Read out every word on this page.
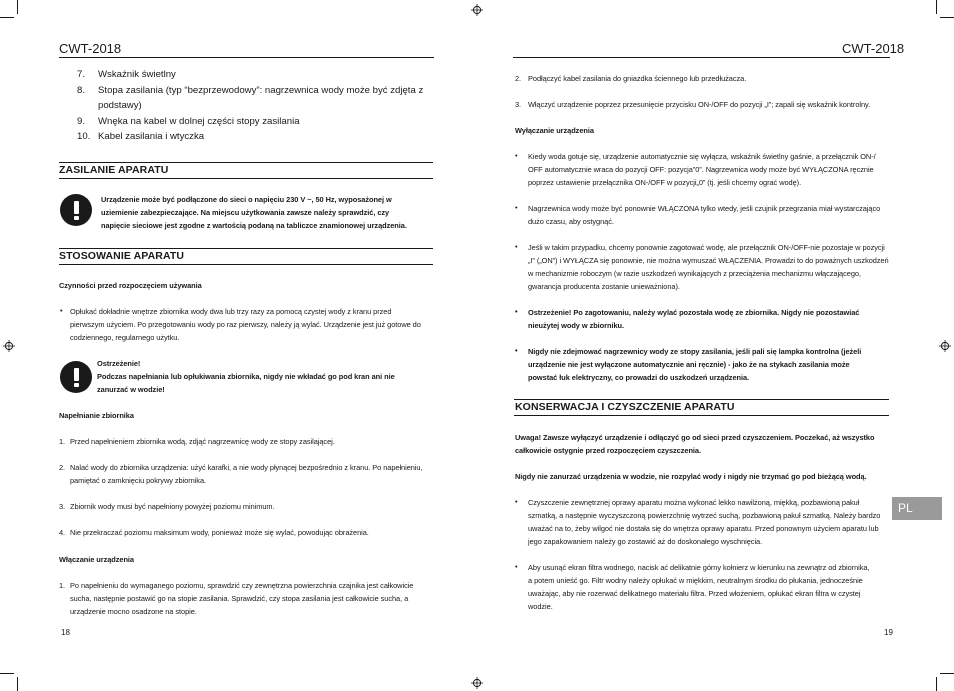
CWT-2018
7. Wskaźnik świetlny
8. Stopa zasilania (typ “bezprzewodowy”: nagrzewnica wody może być zdjęta z
podstawy)
9. Wnęka na kabel w dolnej części stopy zasilania
10. Kabel zasilania i wtyczka
ZASILANIE APARATU
Urządzenie może być podłączone do sieci o napięciu 230 V ~, 50 Hz, wyposażonej w
uziemienie zabezpieczające. Na miejscu użytkowania zawsze należy sprawdzić, czy
napięcie sieciowe jest zgodne z wartością podaną na tabliczce znamionowej urządzenia.
STOSOWANIE APARATU
Czynności przed rozpoczęciem używania
• Opłukać dokładnie wnętrze zbiornika wody dwa lub trzy razy za pomocą czystej wody z kranu przed
pierwszym użyciem. Po przegotowaniu wody po raz pierwszy, należy ją wylać. Urządzenie jest już gotowe do
codziennego, regularnego użytku.
Ostrzeżenie!
Podczas napełniania lub opłukiwania zbiornika, nigdy nie wkładać go pod kran ani nie
zanurzać w wodzie!
Napełnianie zbiornika
1. Przed napełnieniem zbiornika wodą, zdjąć nagrzewnicę wody ze stopy zasilającej.
2. Nalać wody do zbiornika urządzenia: użyć karafki, a nie wody płynącej bezpośrednio z kranu. Po napełnieniu,
pamiętać o zamknięciu pokrywy zbiornika.
3. Zbiornik wody musi być napełniony powyżej poziomu minimum.
4. Nie przekraczać poziomu maksimum wody, ponieważ może się wylać, powodując obrażenia.
Włączanie urządzenia
1. Po napełnieniu do wymaganego poziomu, sprawdzić czy zewnętrzna powierzchnia czajnika jest całkowicie
sucha, następnie postawić go na stopie zasilania. Sprawdzić, czy stopa zasilania jest całkowicie sucha, a
urządzenie mocno osadzone na stopie.
18
CWT-2018
2. Podłączyć kabel zasilania do gniazdka ściennego lub przedłużacza.
3. Włączyć urządzenie poprzez przesunięcie przycisku ON-/OFF do pozycji „I”; zapali się wskaźnik kontrolny.
Wyłączanie urządzenia
• Kiedy woda gotuje się, urządzenie automatycznie się wyłącza, wskaźnik świetlny gaśnie, a przełącznik ON-/
OFF automatycznie wraca do pozycji OFF: pozycja”0”. Nagrzewnica wody może być WYŁĄCZONA ręcznie
poprzez ustawienie przełącznika ON-/OFF w pozycji„0” (tj. jeśli chcemy ograć wodę).
• Nagrzewnica wody może być ponownie WŁĄCZONA tylko wtedy, jeśli czujnik przegrzania miał wystarczająco
dużo czasu, aby ostygnąć.
• Jeśli w takim przypadku, chcemy ponownie zagotować wodę, ale przełącznik ON-/OFF-nie pozostaje w pozycji
„I” („ON”) i WYŁĄCZA się ponownie, nie można wymuszać WŁĄCZENIA. Prowadzi to do poważnych uszkodzeń
w mechanizmie roboczym (w razie uszkodzeń wynikających z przeciążenia mechanizmu włączającego,
gwarancja producenta zostanie unieważniona).
• Ostrzeżenie! Po zagotowaniu, należy wylać pozostała wodę ze zbiornika. Nigdy nie pozostawiać
nieużytej wody w zbiorniku.
• Nigdy nie zdejmować nagrzewnicy wody ze stopy zasilania, jeśli pali się lampka kontrolna (jeżeli
urządzenie nie jest wyłączone automatycznie ani ręcznie) - jako że na stykach zasilania może
powstać łuk elektryczny, co prowadzi do uszkodzeń urządzenia.
KONSERWACJA I CZYSZCZENIE APARATU
Uwaga! Zawsze wyłączyć urządzenie i odłączyć go od sieci przed czyszczeniem. Poczekać, aż wszystko
całkowicie ostygnie przed rozpoczęciem czyszczenia.
Nigdy nie zanurzać urządzenia w wodzie, nie rozpylać wody i nigdy nie trzymać go pod bieżącą wodą.
• Czyszczenie zewnętrznej oprawy aparatu można wykonać lekko nawilżoną, miękką, pozbawioną pakuł
szmatką, a następnie wyczyszczoną powierzchnię wytrzeć suchą, pozbawioną pakuł szmatką. Należy bardzo
uważać na to, żeby wilgoć nie dostała się do wnętrza oprawy aparatu. Przed ponownym użyciem aparatu lub
jego zapakowaniem należy go zostawić aż do doskonałego wyschnięcia.
• Aby usunąć ekran filtra wodnego, nacisk ać delikatnie górny kołnierz w kierunku na zewnątrz od zbiornika,
a potem unieść go. Filtr wodny należy opłukać w miękkim, neutralnym środku do płukania, jednocześnie
uważając, aby nie rozerwać delikatnego materiału filtra. Przed włożeniem, opłukać ekran filtra w czystej
wodzie.
19
PL
